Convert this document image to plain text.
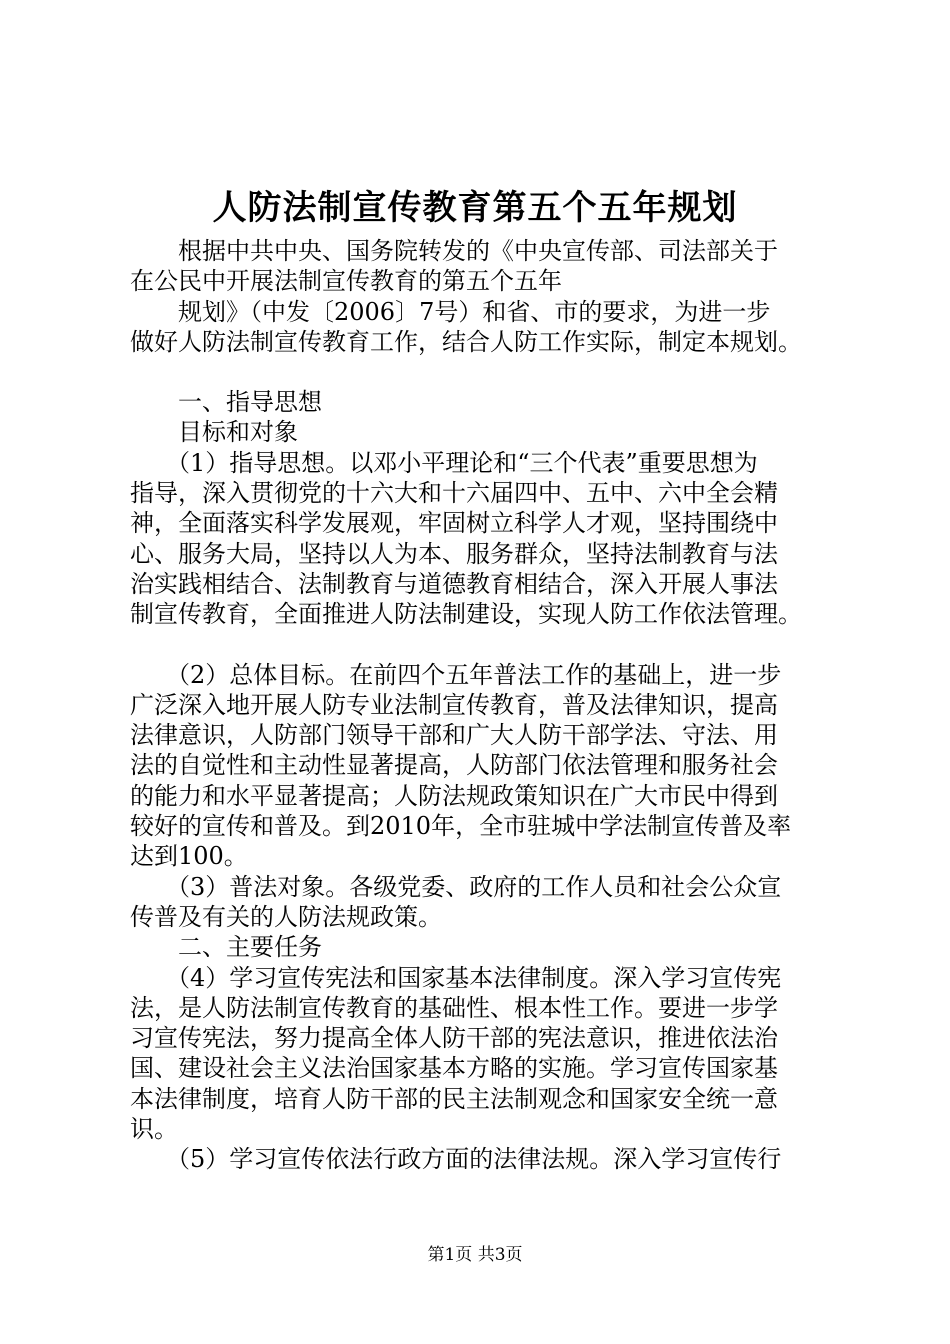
人防法制宣传教育第五个五年规划

　　根据中共中央、国务院转发的《中央宣传部、司法部关于

在公民中开展法制宣传教育的第五个五年

　　规划》（中发〔2006〕7号）和省、市的要求，为进一步

做好人防法制宣传教育工作，结合人防工作实际，制定本规划。

　　一、指导思想

　　目标和对象

　　（1）指导思想。以邓小平理论和“三个代表”重要思想为

指导，深入贯彻党的十六大和十六届四中、五中、六中全会精

神，全面落实科学发展观，牢固树立科学人才观，坚持围绕中

心、服务大局，坚持以人为本、服务群众，坚持法制教育与法

治实践相结合、法制教育与道德教育相结合，深入开展人事法

制宣传教育，全面推进人防法制建设，实现人防工作依法管理。

　　（2）总体目标。在前四个五年普法工作的基础上，进一步

广泛深入地开展人防专业法制宣传教育，普及法律知识，提高

法律意识，人防部门领导干部和广大人防干部学法、守法、用

法的自觉性和主动性显著提高，人防部门依法管理和服务社会

的能力和水平显著提高；人防法规政策知识在广大市民中得到

较好的宣传和普及。到2010年，全市驻城中学法制宣传普及率

达到100。

　　（3）普法对象。各级党委、政府的工作人员和社会公众宣

传普及有关的人防法规政策。

　　二、主要任务

　　（4）学习宣传宪法和国家基本法律制度。深入学习宣传宪

法，是人防法制宣传教育的基础性、根本性工作。要进一步学

习宣传宪法，努力提高全体人防干部的宪法意识，推进依法治

国、建设社会主义法治国家基本方略的实施。学习宣传国家基

本法律制度，培育人防干部的民主法制观念和国家安全统一意

识。

　　（5）学习宣传依法行政方面的法律法规。深入学习宣传行

第1页 共3页
